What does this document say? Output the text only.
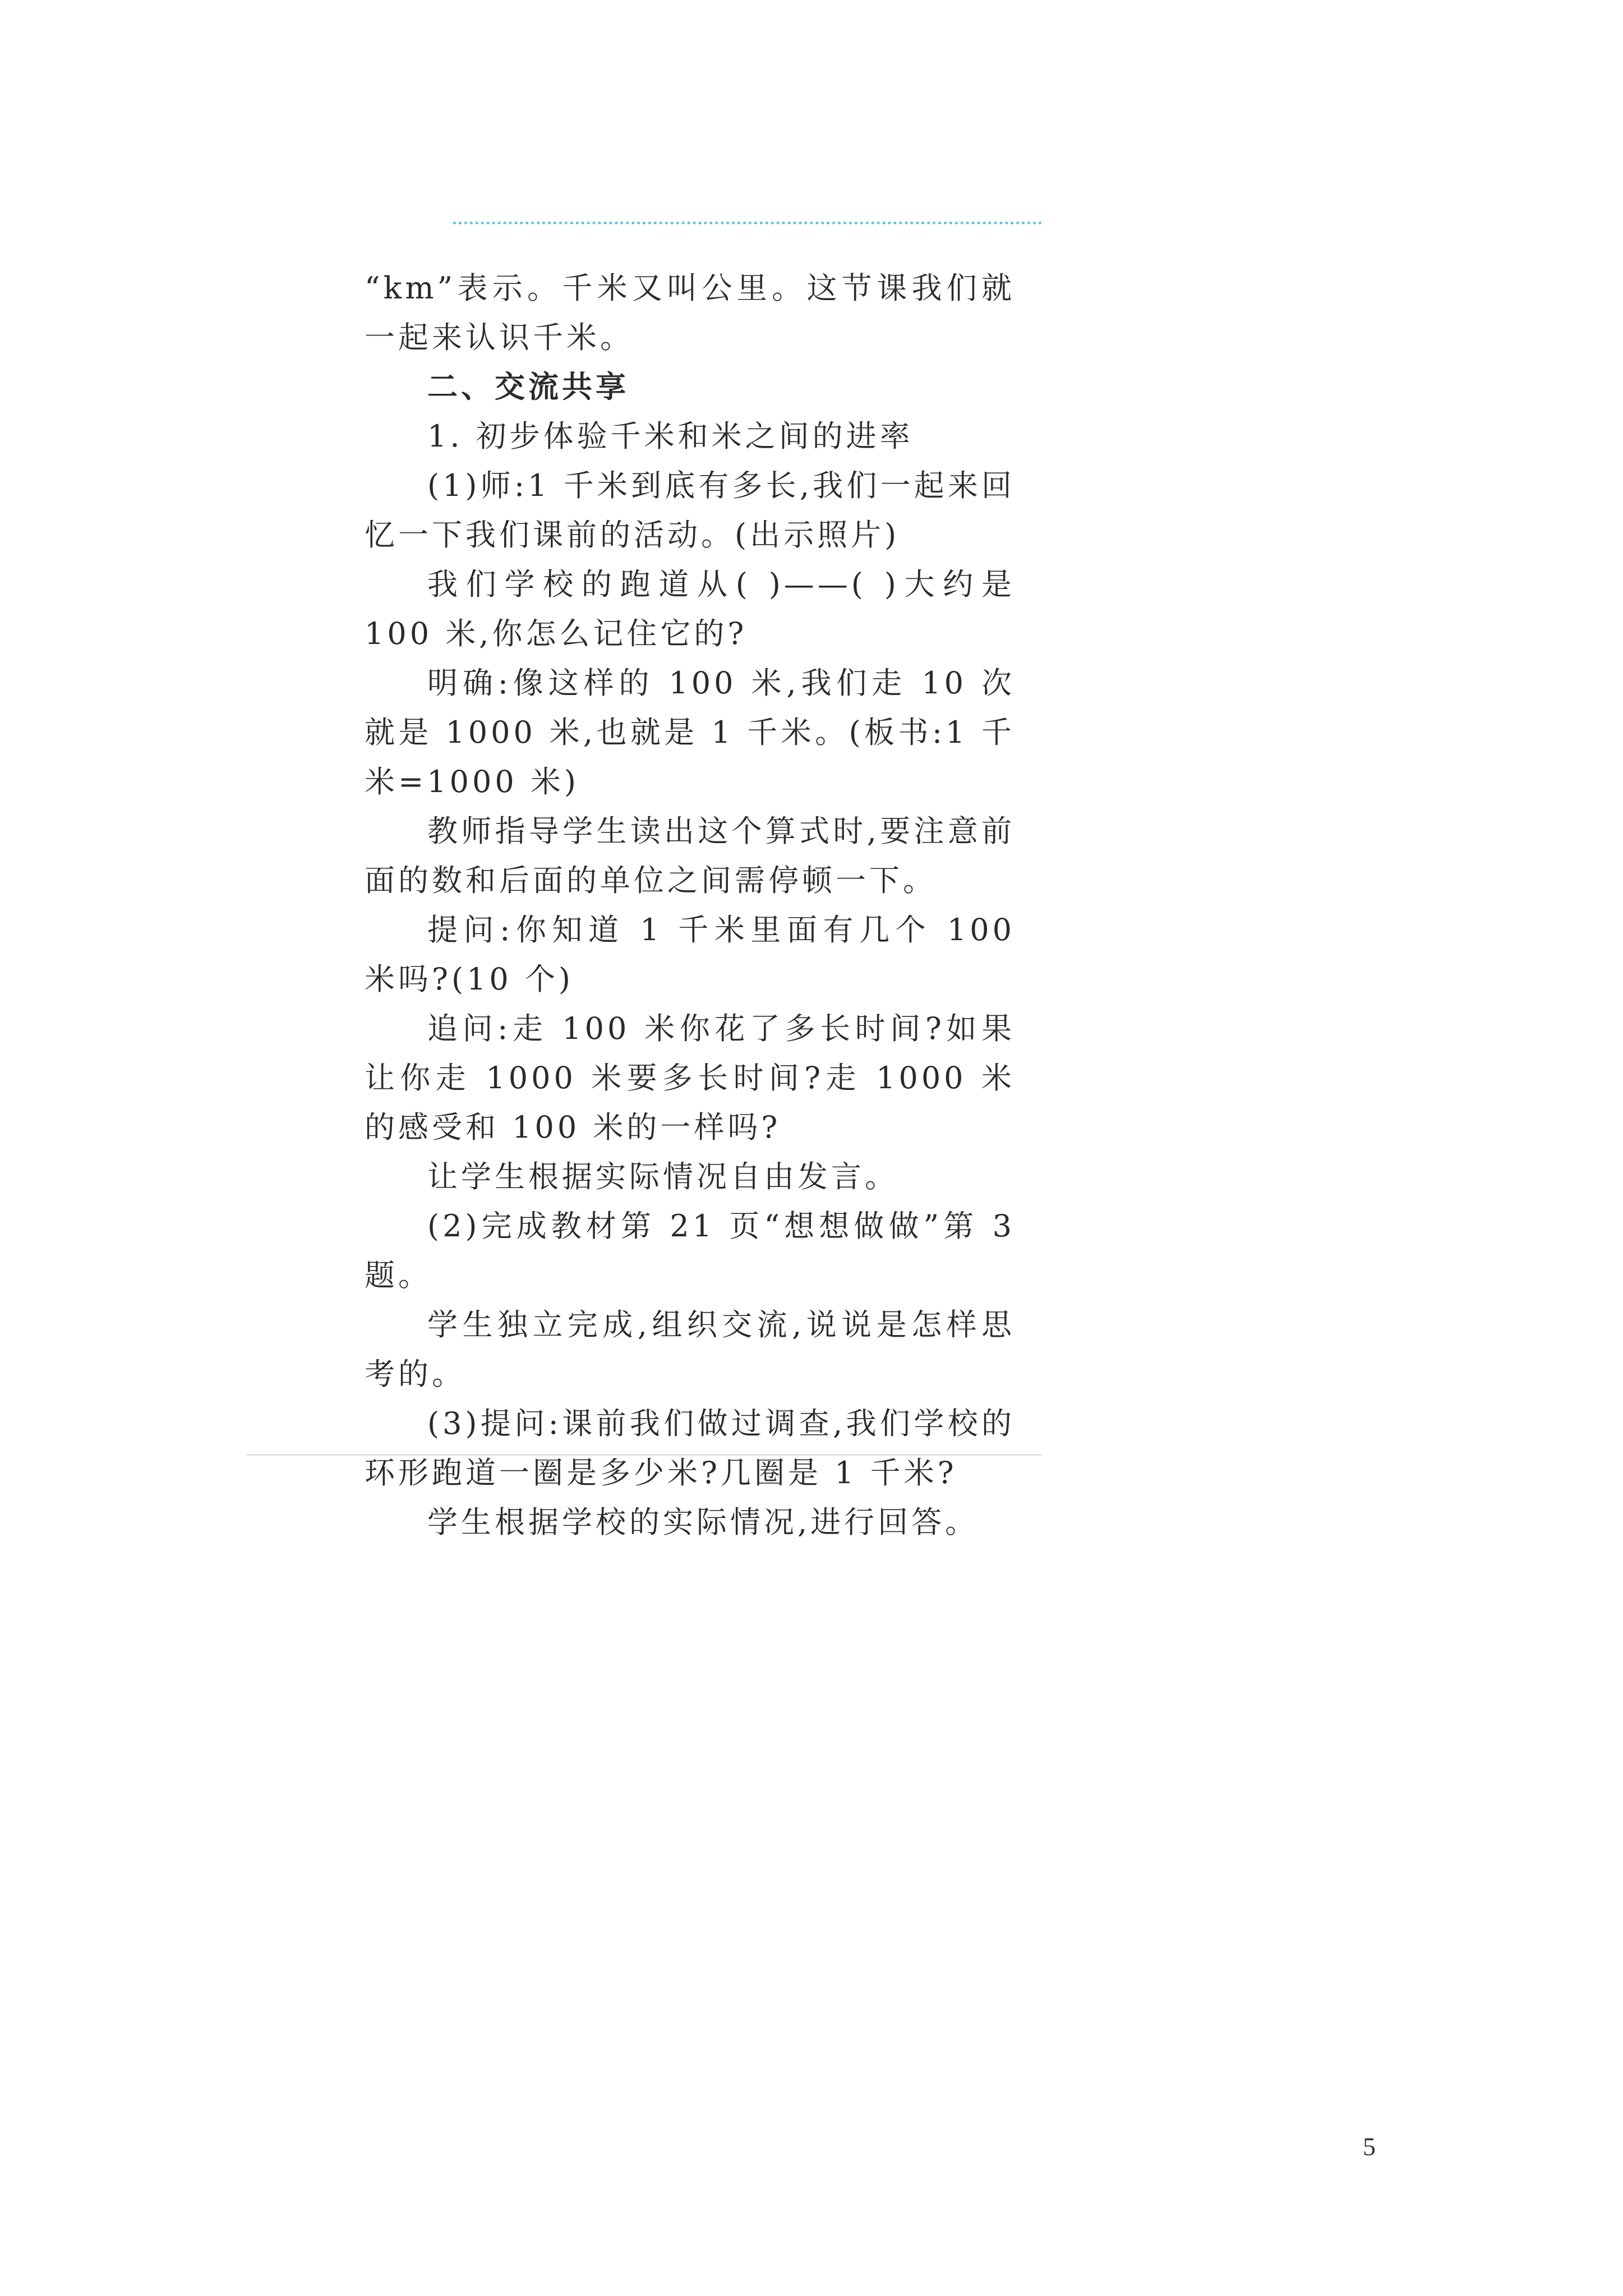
“km”表示。千米又叫公里。这节课我们就一起来认识千米。

二、交流共享

1. 初步体验千米和米之间的进率

(1)师:1 千米到底有多长,我们一起来回忆一下我们课前的活动。(出示照片)

我们学校的跑道从( )——( )大约是 100 米,你怎么记住它的?

明确:像这样的 100 米,我们走 10 次就是 1000 米,也就是 1 千米。(板书:1 千米=1000 米)

教师指导学生读出这个算式时,要注意前面的数和后面的单位之间需停顿一下。

提问:你知道 1 千米里面有几个 100 米吗?(10 个)

追问:走 100 米你花了多长时间?如果让你走 1000 米要多长时间?走 1000 米的感受和 100 米的一样吗?

让学生根据实际情况自由发言。

(2)完成教材第 21 页“想想做做”第 3 题。

学生独立完成,组织交流,说说是怎样思考的。

(3)提问:课前我们做过调查,我们学校的环形跑道一圈是多少米?几圈是 1 千米?

学生根据学校的实际情况,进行回答。

5
